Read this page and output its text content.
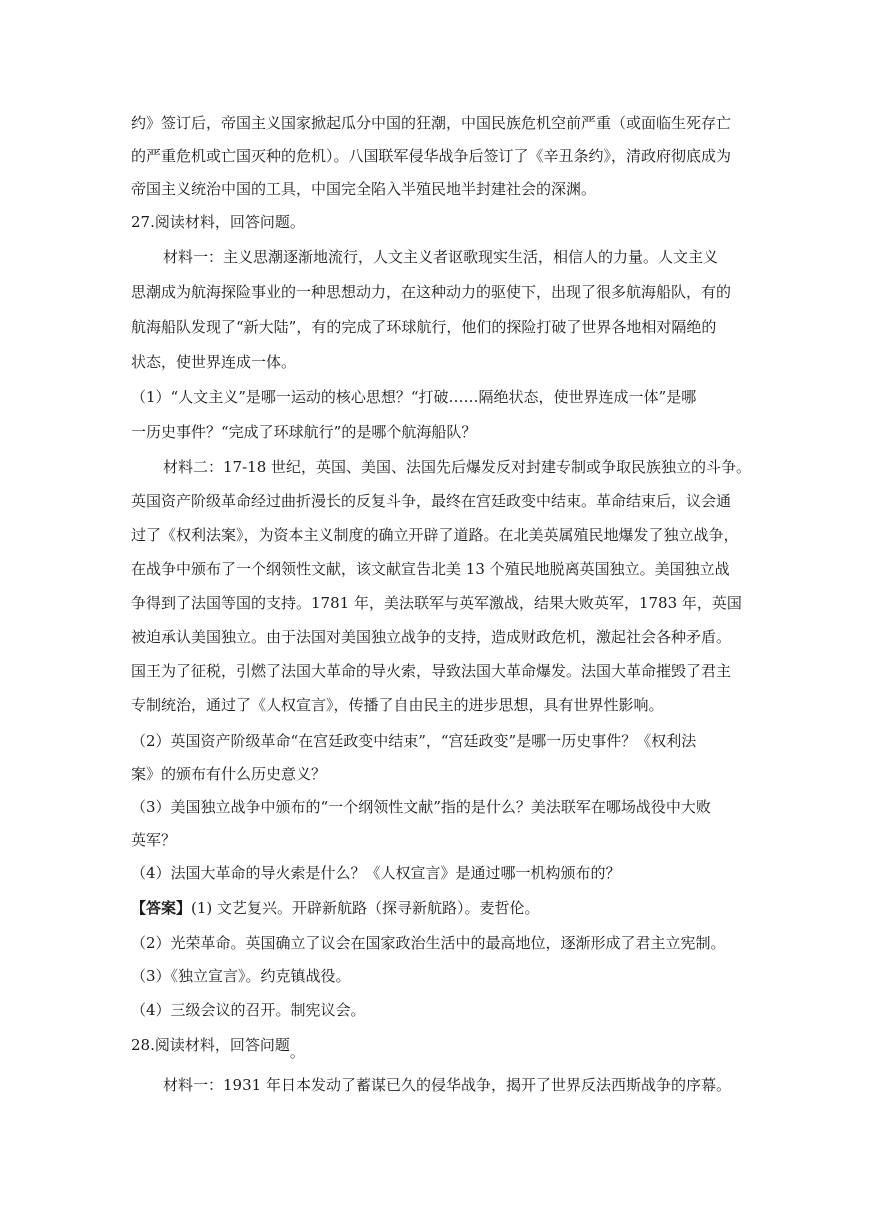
约》签订后，帝国主义国家掀起瓜分中国的狂潮，中国民族危机空前严重（或面临生死存亡
的严重危机或亡国灭种的危机）。八国联军侵华战争后签订了《辛丑条约》，清政府彻底成为
帝国主义统治中国的工具，中国完全陷入半殖民地半封建社会的深渊。
27.阅读材料，回答问题。
材料一：主义思潮逐渐地流行，人文主义者讴歌现实生活，相信人的力量。人文主义
思潮成为航海探险事业的一种思想动力，在这种动力的驱使下，出现了很多航海船队，有的
航海船队发现了“新大陆”，有的完成了环球航行，他们的探险打破了世界各地相对隔绝的
状态，使世界连成一体。
（1）“人文主义”是哪一运动的核心思想？“打破……隔绝状态，使世界连成一体”是哪
一历史事件？“完成了环球航行”的是哪个航海船队？
材料二：17-18 世纪，英国、美国、法国先后爆发反对封建专制或争取民族独立的斗争。
英国资产阶级革命经过曲折漫长的反复斗争，最终在宫廷政变中结束。革命结束后，议会通
过了《权利法案》，为资本主义制度的确立开辟了道路。在北美英属殖民地爆发了独立战争，
在战争中颁布了一个纲领性文献，该文献宣告北美 13 个殖民地脱离英国独立。美国独立战
争得到了法国等国的支持。1781 年，美法联军与英军激战，结果大败英军，1783 年，英国
被迫承认美国独立。由于法国对美国独立战争的支持，造成财政危机，激起社会各种矛盾。
国王为了征税，引燃了法国大革命的导火索，导致法国大革命爆发。法国大革命摧毁了君主
专制统治，通过了《人权宣言》，传播了自由民主的进步思想，具有世界性影响。
（2）英国资产阶级革命“在宫廷政变中结束”，“宫廷政变”是哪一历史事件？《权利法
案》的颁布有什么历史意义？
（3）美国独立战争中颁布的“一个纲领性文献”指的是什么？美法联军在哪场战役中大败
英军？
（4）法国大革命的导火索是什么？《人权宣言》是通过哪一机构颁布的？
【答案】(1) 文艺复兴。开辟新航路（探寻新航路）。麦哲伦。
（2）光荣革命。英国确立了议会在国家政治生活中的最高地位，逐渐形成了君主立宪制。
（3）《独立宣言》。约克镇战役。
（4）三级会议的召开。制宪议会。
28.阅读材料，回答问题。
材料一：1931 年日本发动了蓄谋已久的侵华战争，揭开了世界反法西斯战争的序幕。
